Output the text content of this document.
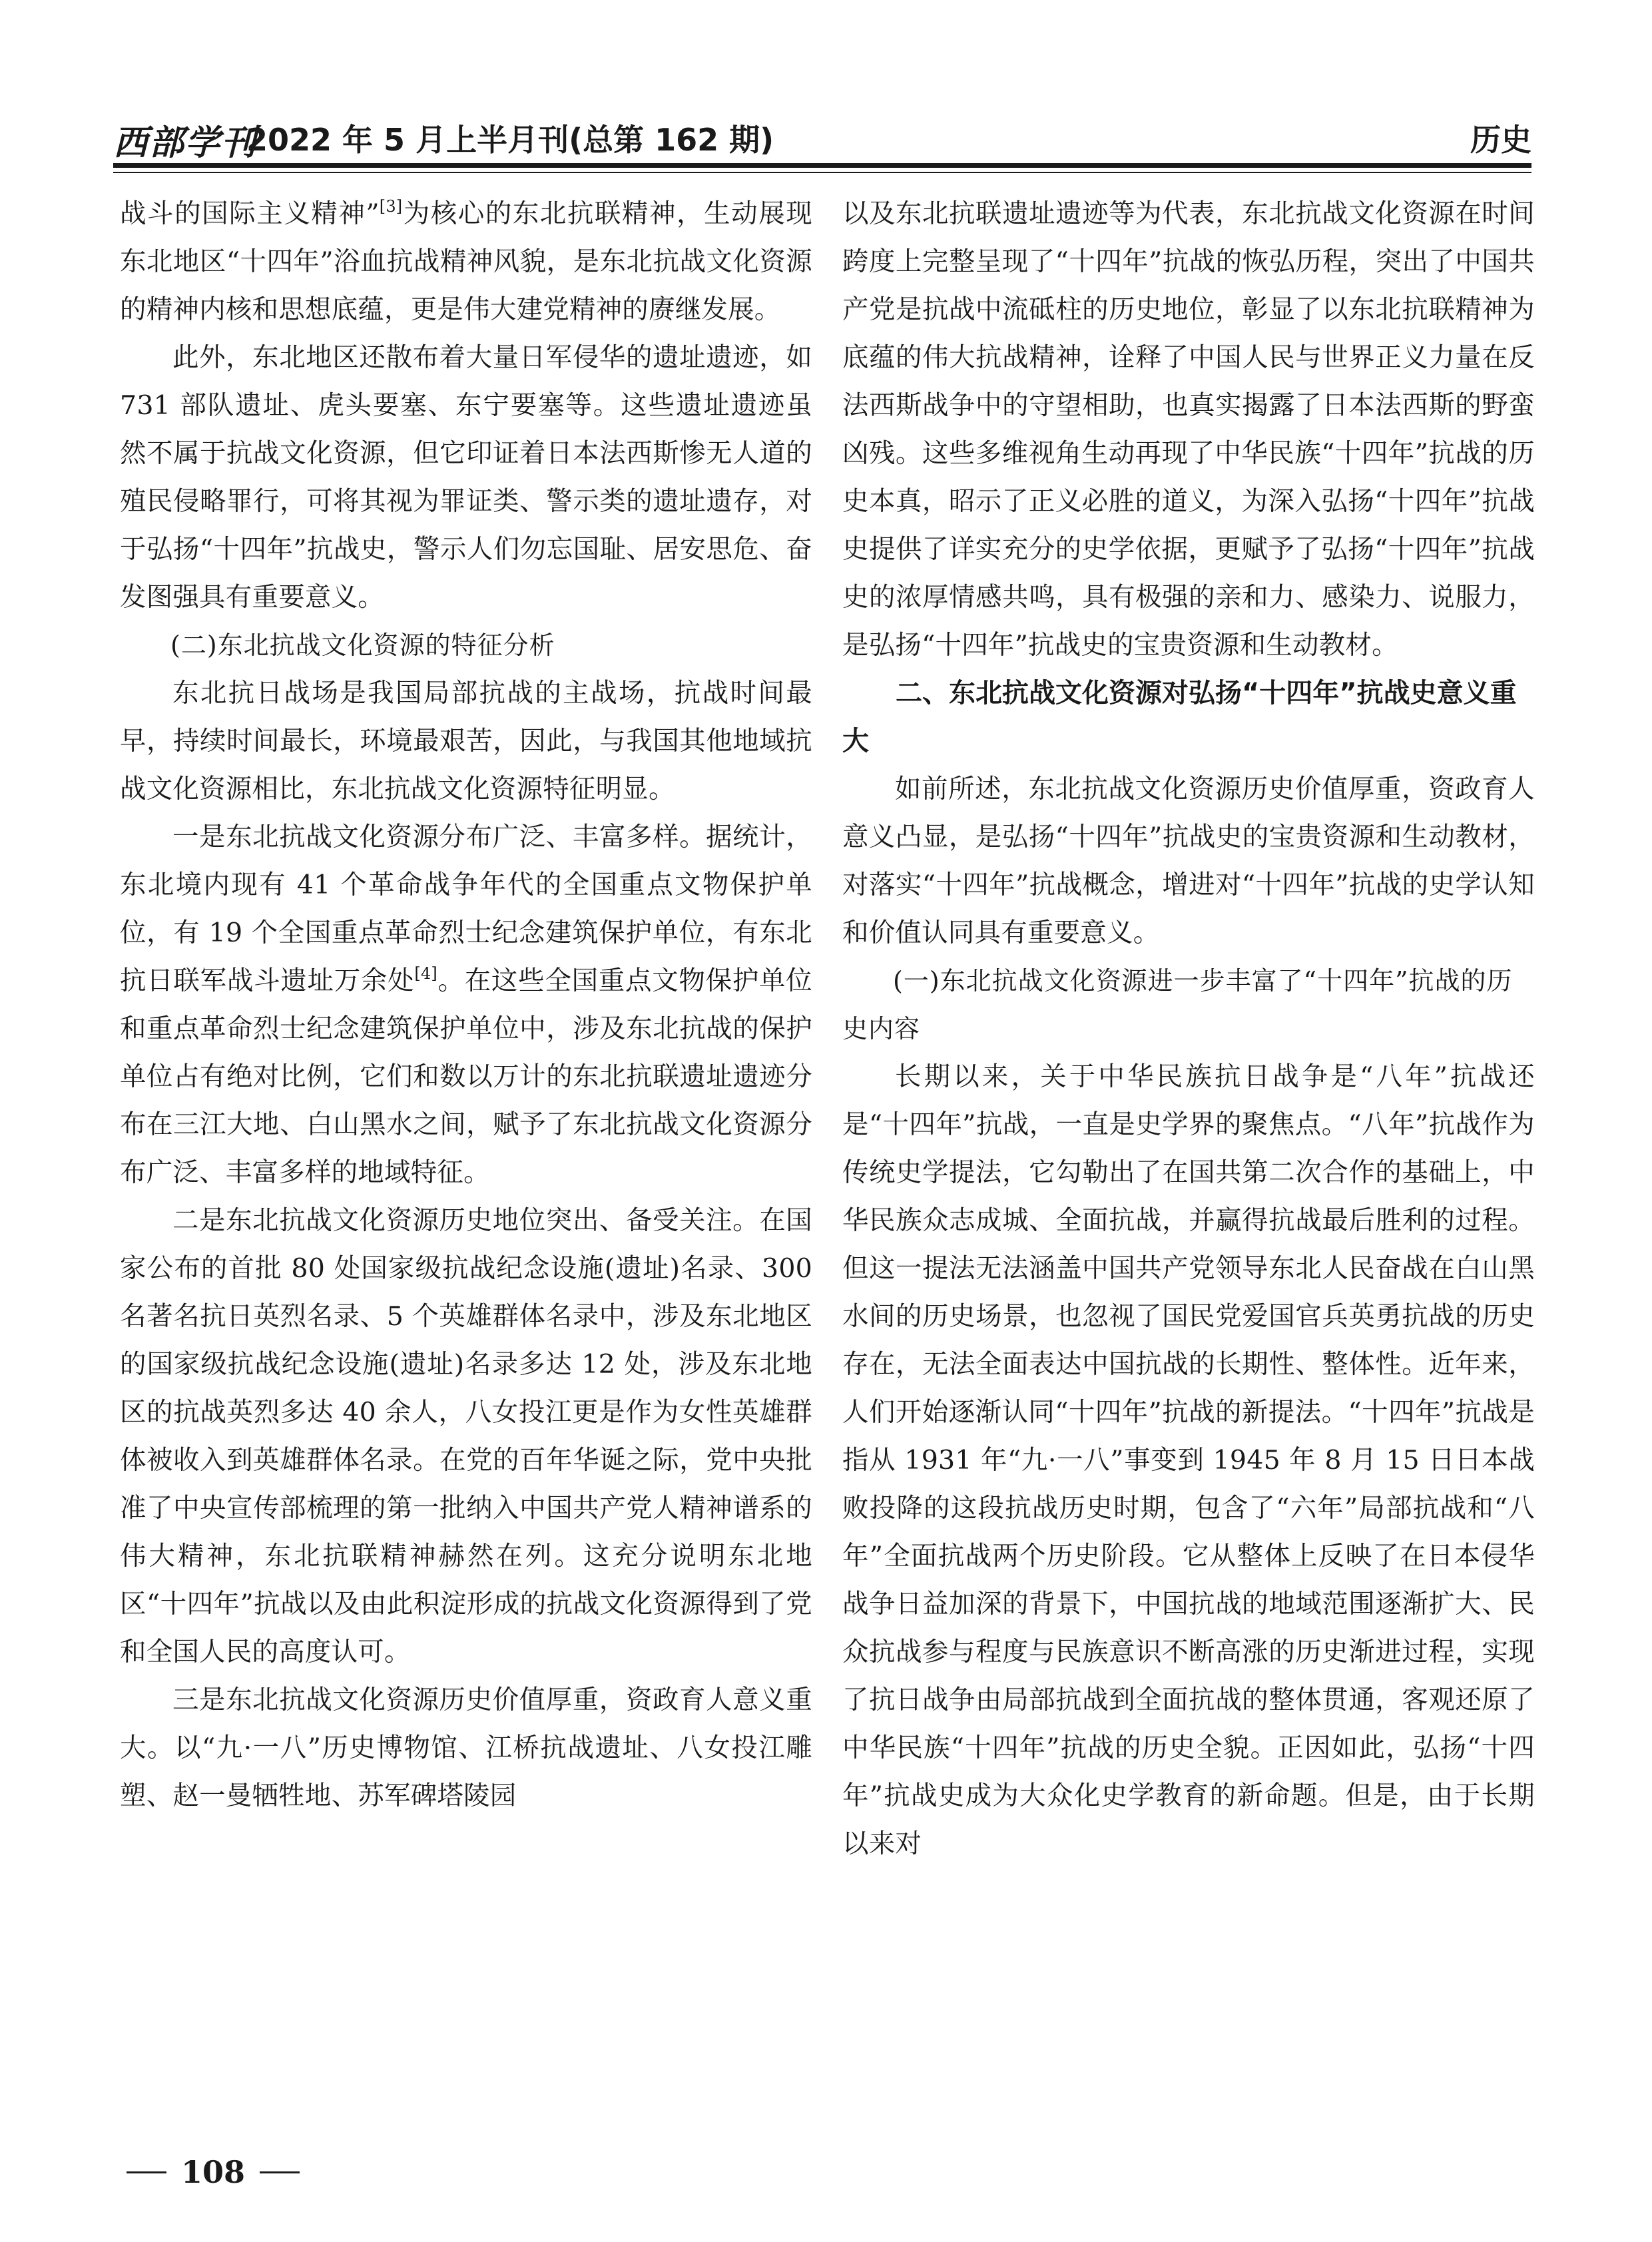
西部学刊
2022 年 5 月上半月刊(总第 162 期)	历史

战斗的国际主义精神”[3]为核心的东北抗联精神，生动展现东北地区“十四年”浴血抗战精神风貌，是东北抗战文化资源的精神内核和思想底蕴，更是伟大建党精神的赓继发展。

此外，东北地区还散布着大量日军侵华的遗址遗迹，如 731 部队遗址、虎头要塞、东宁要塞等。这些遗址遗迹虽然不属于抗战文化资源，但它印证着日本法西斯惨无人道的殖民侵略罪行，可将其视为罪证类、警示类的遗址遗存，对于弘扬“十四年”抗战史，警示人们勿忘国耻、居安思危、奋发图强具有重要意义。

(二)东北抗战文化资源的特征分析

东北抗日战场是我国局部抗战的主战场，抗战时间最早，持续时间最长，环境最艰苦，因此，与我国其他地域抗战文化资源相比，东北抗战文化资源特征明显。

一是东北抗战文化资源分布广泛、丰富多样。据统计，东北境内现有 41 个革命战争年代的全国重点文物保护单位，有 19 个全国重点革命烈士纪念建筑保护单位，有东北抗日联军战斗遗址万余处[4]。在这些全国重点文物保护单位和重点革命烈士纪念建筑保护单位中，涉及东北抗战的保护单位占有绝对比例，它们和数以万计的东北抗联遗址遗迹分布在三江大地、白山黑水之间，赋予了东北抗战文化资源分布广泛、丰富多样的地域特征。

二是东北抗战文化资源历史地位突出、备受关注。在国家公布的首批 80 处国家级抗战纪念设施(遗址)名录、300 名著名抗日英烈名录、5 个英雄群体名录中，涉及东北地区的国家级抗战纪念设施(遗址)名录多达 12 处，涉及东北地区的抗战英烈多达 40 余人，八女投江更是作为女性英雄群体被收入到英雄群体名录。在党的百年华诞之际，党中央批准了中央宣传部梳理的第一批纳入中国共产党人精神谱系的伟大精神，东北抗联精神赫然在列。这充分说明东北地区“十四年”抗战以及由此积淀形成的抗战文化资源得到了党和全国人民的高度认可。

三是东北抗战文化资源历史价值厚重，资政育人意义重大。以“九·一八”历史博物馆、江桥抗战遗址、八女投江雕塑、赵一曼牺牲地、苏军碑塔陵园

以及东北抗联遗址遗迹等为代表，东北抗战文化资源在时间跨度上完整呈现了“十四年”抗战的恢弘历程，突出了中国共产党是抗战中流砥柱的历史地位，彰显了以东北抗联精神为底蕴的伟大抗战精神，诠释了中国人民与世界正义力量在反法西斯战争中的守望相助，也真实揭露了日本法西斯的野蛮凶残。这些多维视角生动再现了中华民族“十四年”抗战的历史本真，昭示了正义必胜的道义，为深入弘扬“十四年”抗战史提供了详实充分的史学依据，更赋予了弘扬“十四年”抗战史的浓厚情感共鸣，具有极强的亲和力、感染力、说服力，是弘扬“十四年”抗战史的宝贵资源和生动教材。

二、东北抗战文化资源对弘扬“十四年”抗战史意义重大

如前所述，东北抗战文化资源历史价值厚重，资政育人意义凸显，是弘扬“十四年”抗战史的宝贵资源和生动教材，对落实“十四年”抗战概念，增进对“十四年”抗战的史学认知和价值认同具有重要意义。

(一)东北抗战文化资源进一步丰富了“十四年”抗战的历史内容

长期以来，关于中华民族抗日战争是“八年”抗战还是“十四年”抗战，一直是史学界的聚焦点。“八年”抗战作为传统史学提法，它勾勒出了在国共第二次合作的基础上，中华民族众志成城、全面抗战，并赢得抗战最后胜利的过程。但这一提法无法涵盖中国共产党领导东北人民奋战在白山黑水间的历史场景，也忽视了国民党爱国官兵英勇抗战的历史存在，无法全面表达中国抗战的长期性、整体性。近年来，人们开始逐渐认同“十四年”抗战的新提法。“十四年”抗战是指从 1931 年“九·一八”事变到 1945 年 8 月 15 日日本战败投降的这段抗战历史时期，包含了“六年”局部抗战和“八年”全面抗战两个历史阶段。它从整体上反映了在日本侵华战争日益加深的背景下，中国抗战的地域范围逐渐扩大、民众抗战参与程度与民族意识不断高涨的历史渐进过程，实现了抗日战争由局部抗战到全面抗战的整体贯通，客观还原了中华民族“十四年”抗战的历史全貌。正因如此，弘扬“十四年”抗战史成为大众化史学教育的新命题。但是，由于长期以来对

108
